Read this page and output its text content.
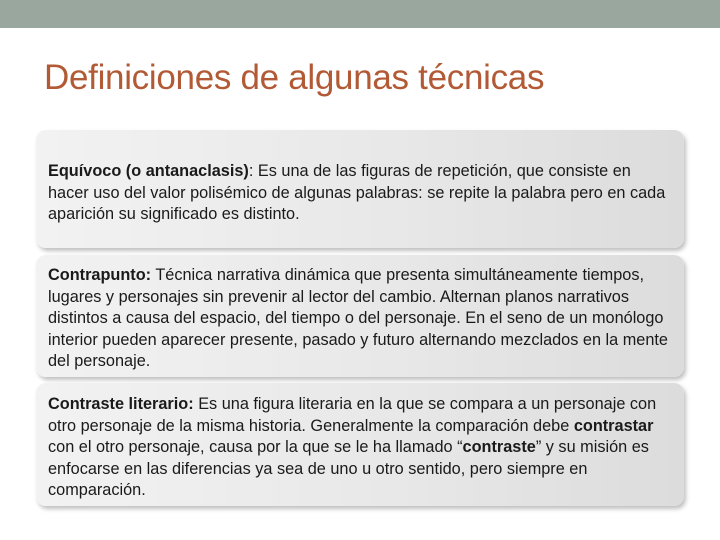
Definiciones de algunas técnicas
Equívoco (o antanaclasis): Es una de las figuras de repetición, que consiste en hacer uso del valor polisémico de algunas palabras: se repite la palabra pero en cada aparición su significado es distinto.
Contrapunto: Técnica narrativa dinámica que presenta simultáneamente tiempos, lugares y personajes sin prevenir al lector del cambio. Alternan planos narrativos distintos a causa del espacio, del tiempo o del personaje. En el seno de un monólogo interior pueden aparecer presente, pasado y futuro alternando mezclados en la mente del personaje.
Contraste literario: Es una figura literaria en la que se compara a un personaje con otro personaje de la misma historia. Generalmente la comparación debe contrastar con el otro personaje, causa por la que se le ha llamado “contraste” y su misión es enfocarse en las diferencias ya sea de uno u otro sentido, pero siempre en comparación.
